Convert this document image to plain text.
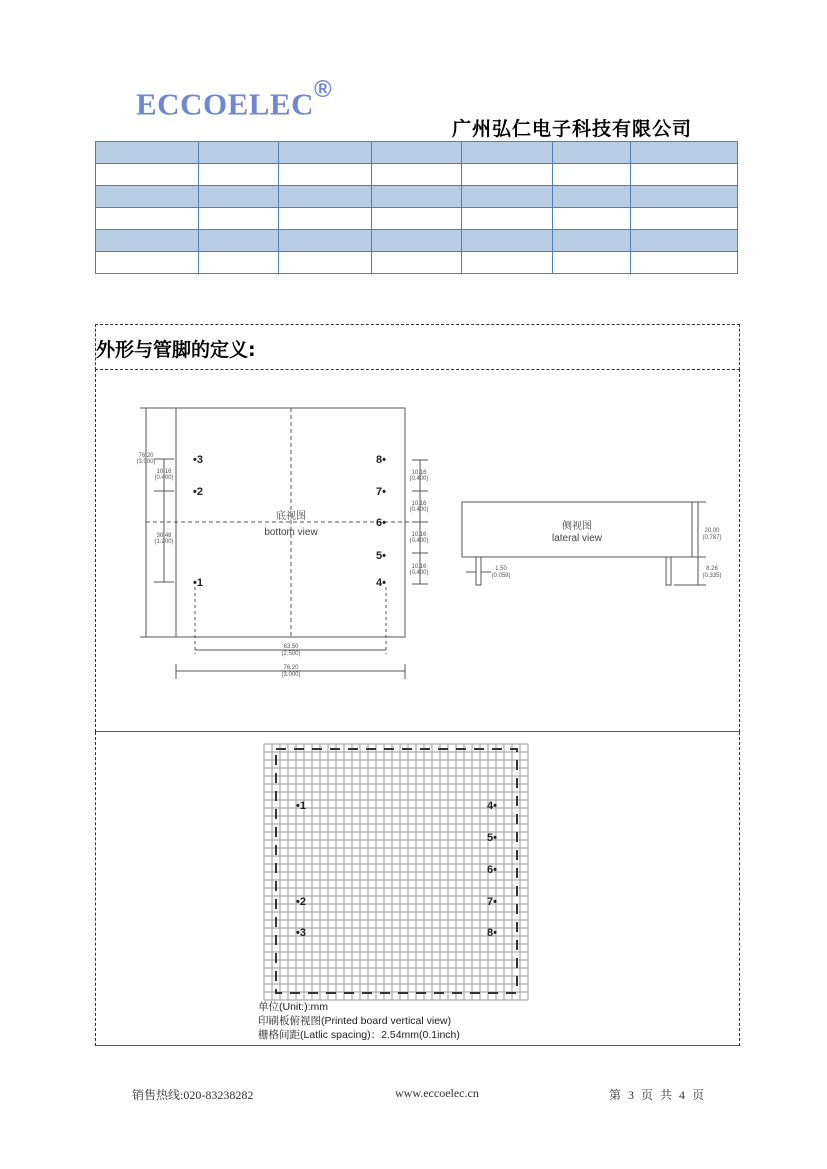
ECCOELEC®
广州弘仁电子科技有限公司

外形与管脚的定义:
•3
•2
•1
8•
7•
6•
5•
4•
底视图
bottom view
侧视图
lateral view
76.20
(3.000)
10.16
(0.400)
30.48
(1.200)
10.16
(0.400)
10.16
(0.400)
10.16
(0.400)
10.16
(0.400)
63.50
(2.500)
76.20
(3.000)
20.00
(0.787)
8.26
(0.335)
1.50
(0.059)
•1
•2
•3
4•
5•
6•
7•
8•
单位(Unit:):mm
印刷板俯视图(Printed board vertical view)
栅格间距(Latlic spacing)：2.54mm(0.1inch)
销售热线:020-83238282	www.eccoelec.cn	第 3 页 共 4 页
